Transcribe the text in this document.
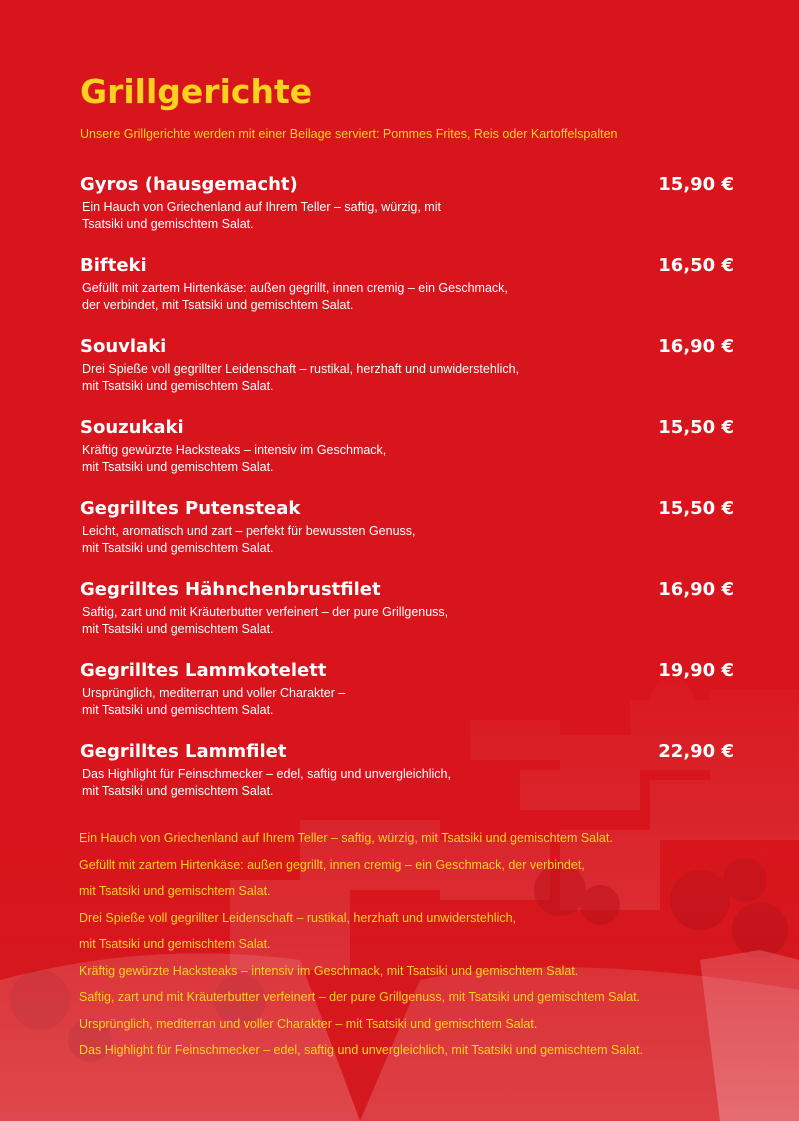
Grillgerichte

Unsere Grillgerichte werden mit einer Beilage serviert: Pommes Frites, Reis oder Kartoffelspalten

Gyros (hausgemacht)	15,90 €
Ein Hauch von Griechenland auf Ihrem Teller – saftig, würzig, mit
Tsatsiki und gemischtem Salat.
Bifteki	16,50 €
Gefüllt mit zartem Hirtenkäse: außen gegrillt, innen cremig – ein Geschmack,
der verbindet, mit Tsatsiki und gemischtem Salat.
Souvlaki	16,90 €
Drei Spieße voll gegrillter Leidenschaft – rustikal, herzhaft und unwiderstehlich,
mit Tsatsiki und gemischtem Salat.
Souzukaki	15,50 €
Kräftig gewürzte Hacksteaks – intensiv im Geschmack,
mit Tsatsiki und gemischtem Salat.
Gegrilltes Putensteak	15,50 €
Leicht, aromatisch und zart – perfekt für bewussten Genuss,
mit Tsatsiki und gemischtem Salat.
Gegrilltes Hähnchenbrustfilet	16,90 €
Saftig, zart und mit Kräuterbutter verfeinert – der pure Grillgenuss,
mit Tsatsiki und gemischtem Salat.
Gegrilltes Lammkotelett	19,90 €
Ursprünglich, mediterran und voller Charakter –
mit Tsatsiki und gemischtem Salat.
Gegrilltes Lammfilet	22,90 €
Das Highlight für Feinschmecker – edel, saftig und unvergleichlich,
mit Tsatsiki und gemischtem Salat.
Ein Hauch von Griechenland auf Ihrem Teller – saftig, würzig, mit Tsatsiki und gemischtem Salat.
Gefüllt mit zartem Hirtenkäse: außen gegrillt, innen cremig – ein Geschmack, der verbindet,
mit Tsatsiki und gemischtem Salat.
Drei Spieße voll gegrillter Leidenschaft – rustikal, herzhaft und unwiderstehlich,
mit Tsatsiki und gemischtem Salat.
Kräftig gewürzte Hacksteaks – intensiv im Geschmack, mit Tsatsiki und gemischtem Salat.
Saftig, zart und mit Kräuterbutter verfeinert – der pure Grillgenuss, mit Tsatsiki und gemischtem Salat.
Ursprünglich, mediterran und voller Charakter – mit Tsatsiki und gemischtem Salat.
Das Highlight für Feinschmecker – edel, saftig und unvergleichlich, mit Tsatsiki und gemischtem Salat.
